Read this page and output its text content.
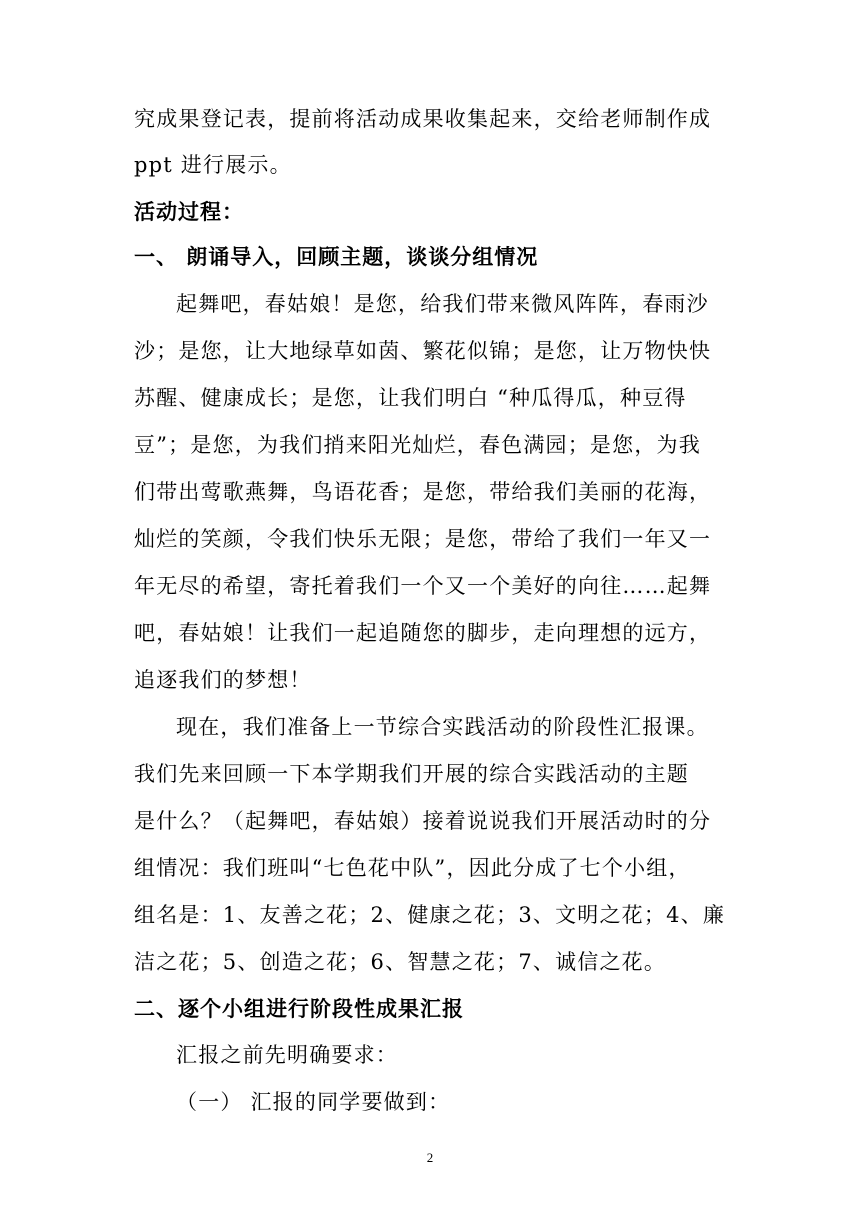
究成果登记表，提前将活动成果收集起来，交给老师制作成
ppt 进行展示。
活动过程：
一、 朗诵导入，回顾主题，谈谈分组情况
起舞吧，春姑娘！是您，给我们带来微风阵阵，春雨沙
沙；是您，让大地绿草如茵、繁花似锦；是您，让万物快快
苏醒、健康成长；是您，让我们明白 “种瓜得瓜，种豆得
豆”；是您，为我们捎来阳光灿烂，春色满园；是您，为我
们带出莺歌燕舞，鸟语花香；是您，带给我们美丽的花海，
灿烂的笑颜，令我们快乐无限；是您，带给了我们一年又一
年无尽的希望，寄托着我们一个又一个美好的向往……起舞
吧，春姑娘！让我们一起追随您的脚步，走向理想的远方，
追逐我们的梦想！
现在，我们准备上一节综合实践活动的阶段性汇报课。
我们先来回顾一下本学期我们开展的综合实践活动的主题
是什么？（起舞吧，春姑娘）接着说说我们开展活动时的分
组情况：我们班叫“七色花中队”，因此分成了七个小组，
组名是：1、友善之花；2、健康之花；3、文明之花；4、廉
洁之花；5、创造之花；6、智慧之花；7、诚信之花。
二、逐个小组进行阶段性成果汇报
汇报之前先明确要求：
（一） 汇报的同学要做到：
2
